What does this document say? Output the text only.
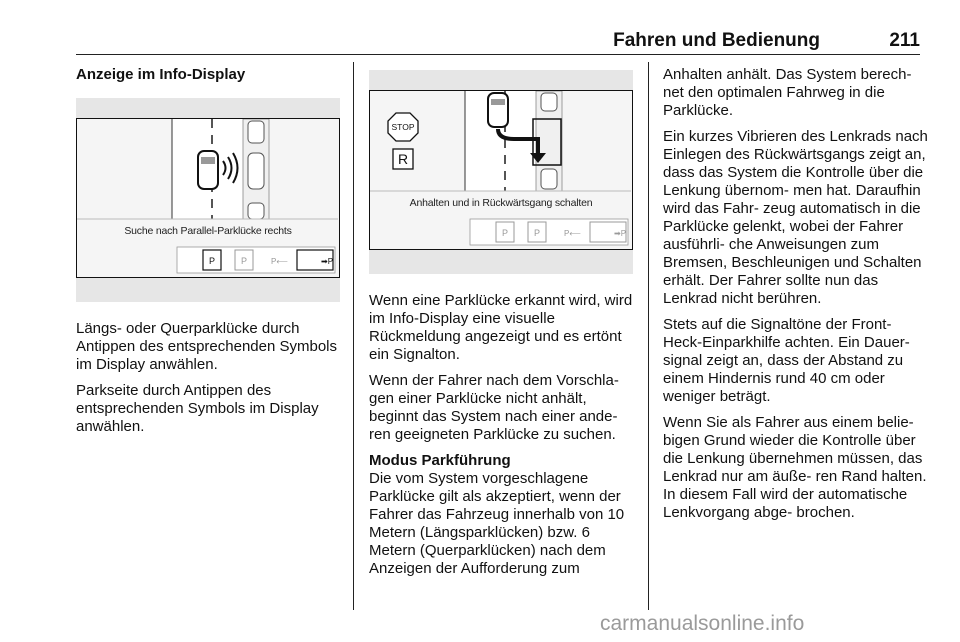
Fahren und Bedienung	211
Anzeige im Info-Display
P	P	P⟵	➡P
Suche nach Parallel-Parklücke rechts

Längs- oder Querparklücke durch Antippen des entsprechenden Symbols im Display anwählen.

Parkseite durch Antippen des entsprechenden Symbols im Display anwählen.

STOP
R
P	P	P⟵	➡P
Anhalten und in Rückwärtsgang schalten

Wenn eine Parklücke erkannt wird, wird im Info-Display eine visuelle Rückmeldung angezeigt und es ertönt ein Signalton.

Wenn der Fahrer nach dem Vorschla- gen einer Parklücke nicht anhält, beginnt das System nach einer ande- ren geeigneten Parklücke zu suchen.

Modus Parkführung
Die vom System vorgeschlagene Parklücke gilt als akzeptiert, wenn der Fahrer das Fahrzeug innerhalb von 10 Metern (Längsparklücken) bzw. 6 Metern (Querparklücken) nach dem Anzeigen der Aufforderung zum

Anhalten anhält. Das System berech- net den optimalen Fahrweg in die Parklücke.

Ein kurzes Vibrieren des Lenkrads nach Einlegen des Rückwärtsgangs zeigt an, dass das System die Kontrolle über die Lenkung übernom- men hat. Daraufhin wird das Fahr- zeug automatisch in die Parklücke gelenkt, wobei der Fahrer ausführli- che Anweisungen zum Bremsen, Beschleunigen und Schalten erhält. Der Fahrer sollte nun das Lenkrad nicht berühren.

Stets auf die Signaltöne der Front- Heck-Einparkhilfe achten. Ein Dauer- signal zeigt an, dass der Abstand zu einem Hindernis rund 40 cm oder weniger beträgt.

Wenn Sie als Fahrer aus einem belie- bigen Grund wieder die Kontrolle über die Lenkung übernehmen müssen, das Lenkrad nur am äuße- ren Rand halten. In diesem Fall wird der automatische Lenkvorgang abge- brochen.

carmanualsonline.info
